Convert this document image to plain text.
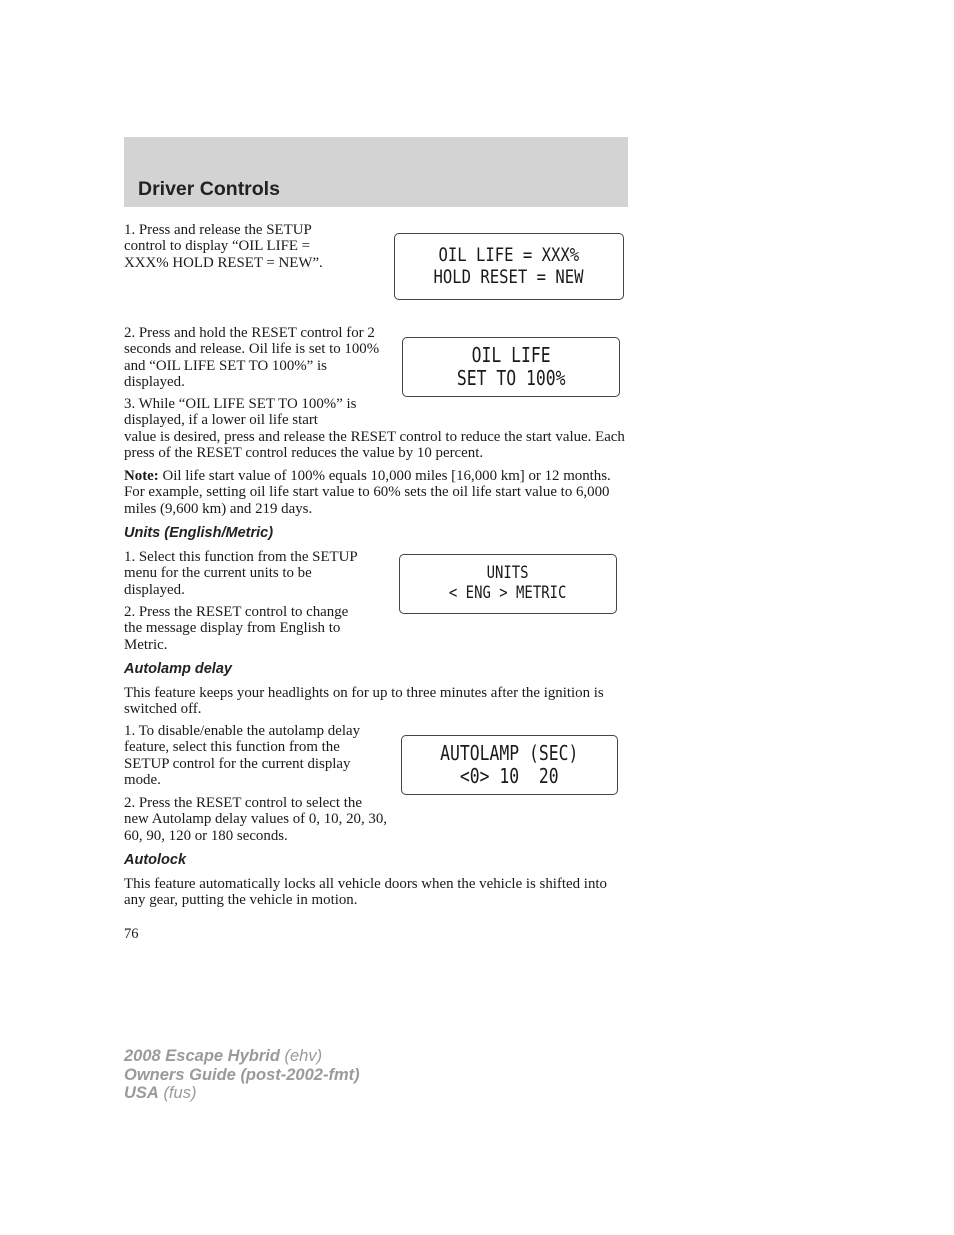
Driver Controls

1. Press and release the SETUP control to display “OIL LIFE = XXX% HOLD RESET = NEW”.	OIL LIFE = XXX%
HOLD RESET = NEW

2. Press and hold the RESET control for 2 seconds and release. Oil life is set to 100% and “OIL LIFE SET TO 100%” is displayed.

OIL LIFE
SET TO 100%

3. While “OIL LIFE SET TO 100%” is displayed, if a lower oil life start

value is desired, press and release the RESET control to reduce the start value. Each press of the RESET control reduces the value by 10 percent.

Note: Oil life start value of 100% equals 10,000 miles [16,000 km] or 12 months. For example, setting oil life start value to 60% sets the oil life start value to 6,000 miles (9,600 km) and 219 days.

Units (English/Metric)

1. Select this function from the SETUP menu for the current units to be displayed.

2. Press the RESET control to change the message display from English to Metric.

UNITS
< ENG > METRIC
Autolamp delay

This feature keeps your headlights on for up to three minutes after the ignition is switched off.

1. To disable/enable the autolamp delay feature, select this function from the SETUP control for the current display mode.

2. Press the RESET control to select the new Autolamp delay values of 0, 10, 20, 30, 60, 90, 120 or 180 seconds.

AUTOLAMP (SEC)
<0> 10  20
Autolock

This feature automatically locks all vehicle doors when the vehicle is shifted into any gear, putting the vehicle in motion.

76
2008 Escape Hybrid (ehv)
Owners Guide (post-2002-fmt)
USA (fus)
